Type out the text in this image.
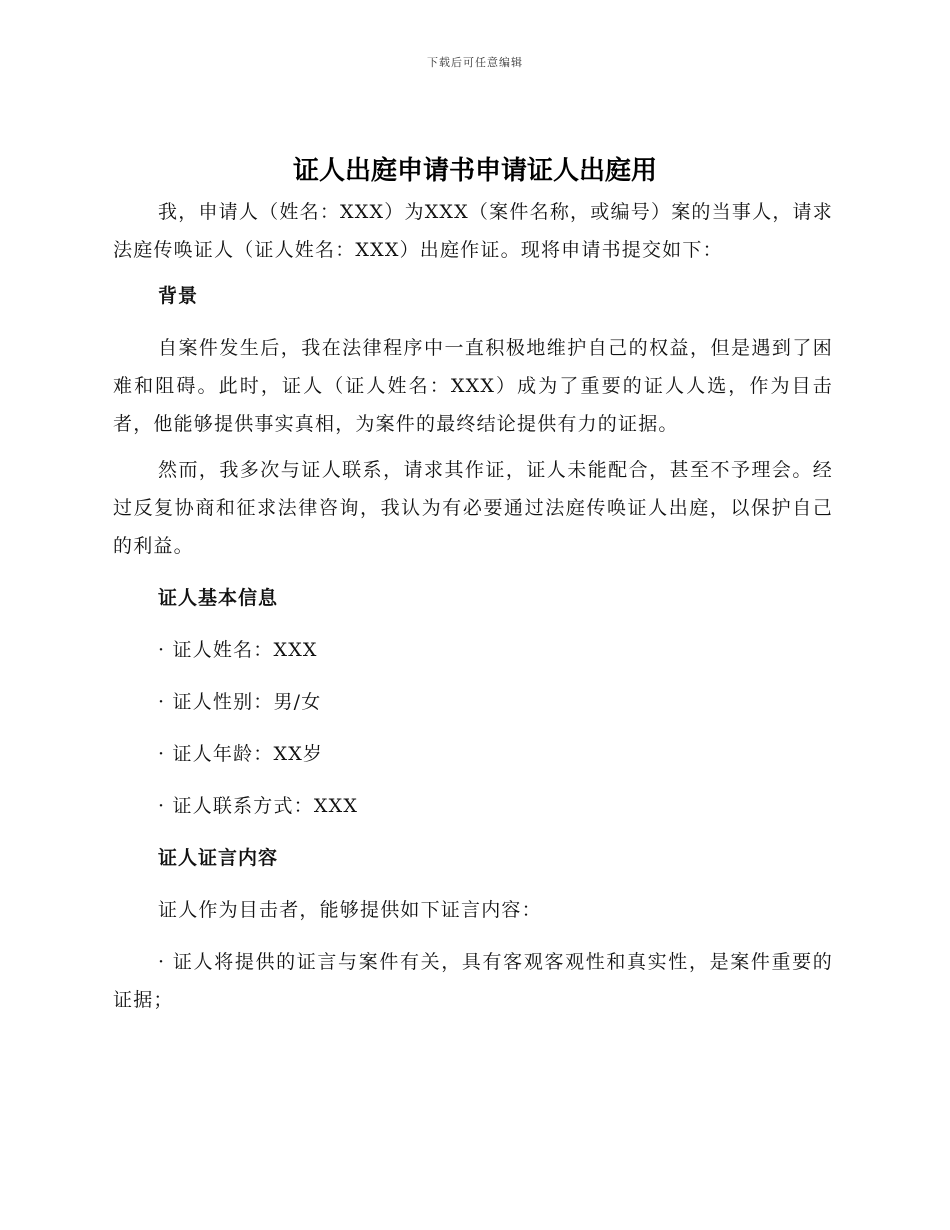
下载后可任意编辑
证人出庭申请书申请证人出庭用

我，申请人（姓名：XXX）为XXX（案件名称，或编号）案的当事人，请求法庭传唤证人（证人姓名：XXX）出庭作证。现将申请书提交如下：

背景

自案件发生后，我在法律程序中一直积极地维护自己的权益，但是遇到了困难和阻碍。此时，证人（证人姓名：XXX）成为了重要的证人人选，作为目击者，他能够提供事实真相，为案件的最终结论提供有力的证据。

然而，我多次与证人联系，请求其作证，证人未能配合，甚至不予理会。经过反复协商和征求法律咨询，我认为有必要通过法庭传唤证人出庭，以保护自己的利益。

证人基本信息

· 证人姓名：XXX

· 证人性别：男/女

· 证人年龄：XX岁

· 证人联系方式：XXX

证人证言内容

证人作为目击者，能够提供如下证言内容：

· 证人将提供的证言与案件有关，具有客观客观性和真实性，是案件重要的证据；
